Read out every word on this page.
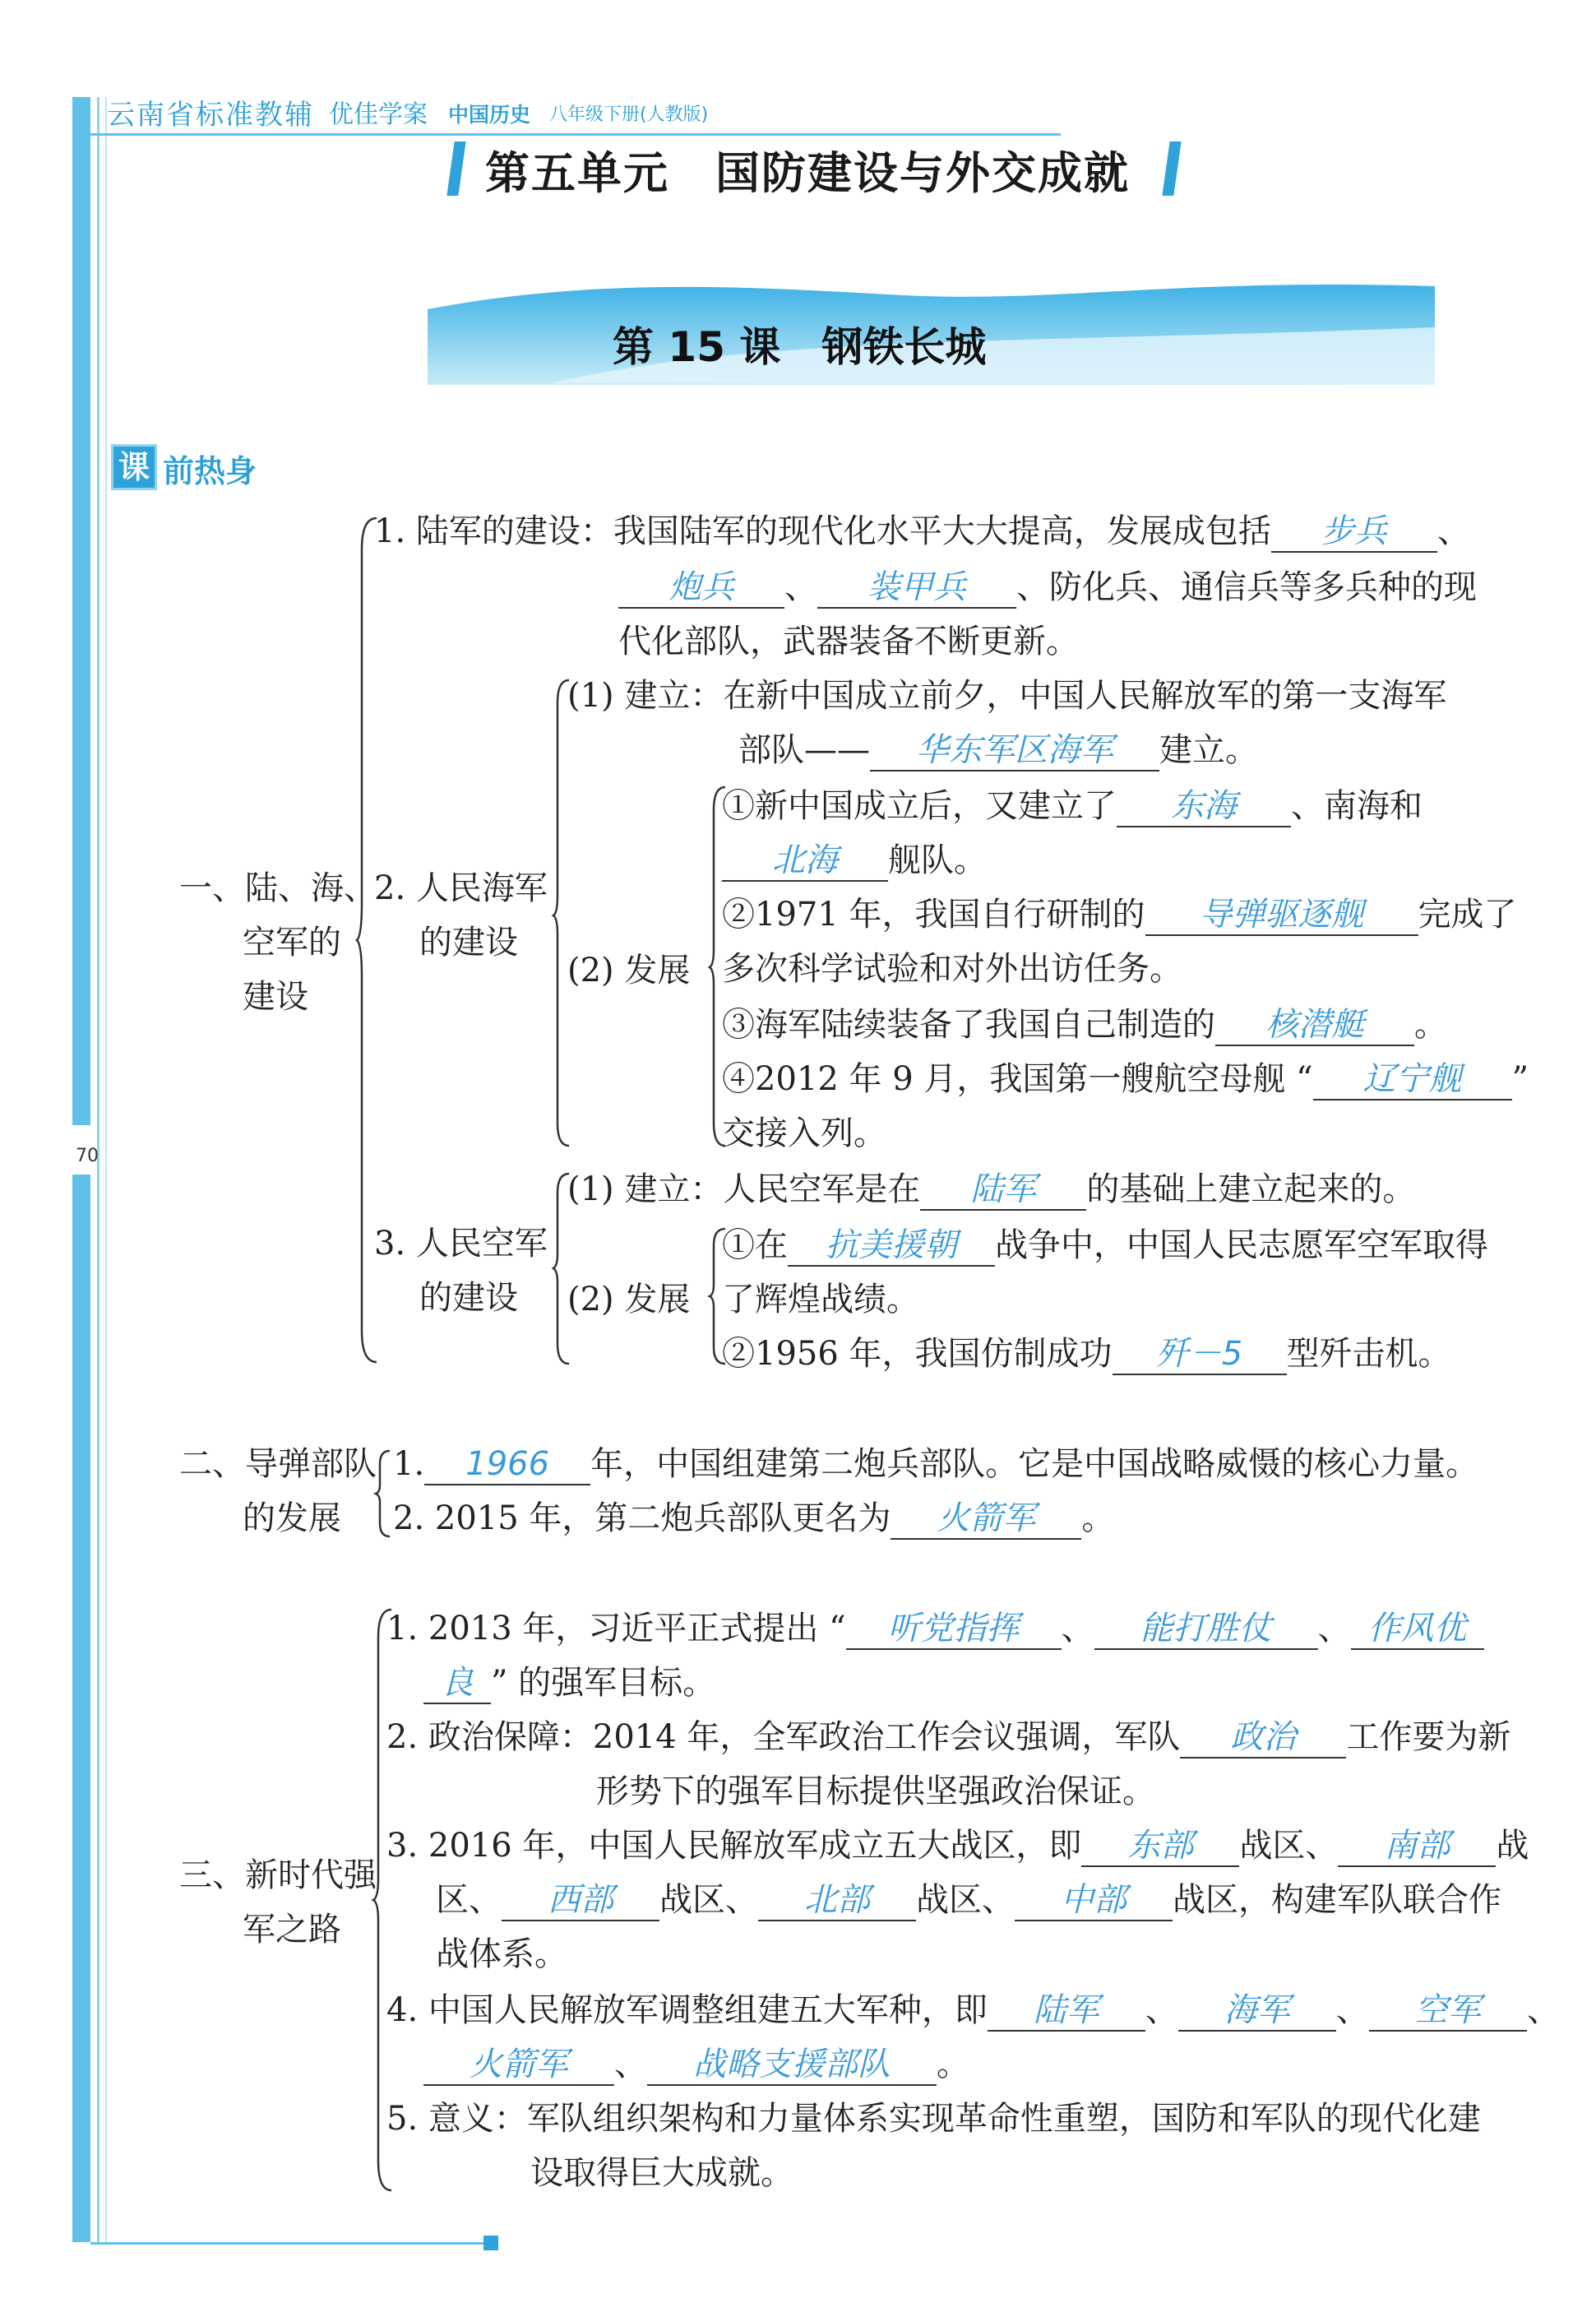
云南省标准教辅 优佳学案 中国历史 八年级下册(人教版)
70
第五单元　国防建设与外交成就
第 15 课　钢铁长城
课 前热身
一、陆、海、
空军的
建设
1. 陆军的建设：我国陆军的现代化水平大大提高，发展成包括 步兵 、
炮兵 、 装甲兵 、防化兵、通信兵等多兵种的现
代化部队，武器装备不断更新。
2. 人民海军
的建设
(1) 建立：在新中国成立前夕，中国人民解放军的第一支海军
部队—— 华东军区海军 建立。
(2) 发展
①新中国成立后，又建立了 东海 、南海和
北海 舰队。
②1971 年，我国自行研制的 导弹驱逐舰 完成了
多次科学试验和对外出访任务。
③海军陆续装备了我国自己制造的 核潜艇 。
④2012 年 9 月，我国第一艘航空母舰 “ 辽宁舰 ”
交接入列。
3. 人民空军
的建设
(1) 建立：人民空军是在 陆军 的基础上建立起来的。
(2) 发展
①在 抗美援朝 战争中，中国人民志愿军空军取得
了辉煌战绩。
②1956 年，我国仿制成功 歼－5 型歼击机。
二、导弹部队
的发展
1. 1966 年，中国组建第二炮兵部队。它是中国战略威慑的核心力量。
2. 2015 年，第二炮兵部队更名为 火箭军 。
三、新时代强
军之路
1. 2013 年，习近平正式提出 “ 听党指挥 、 能打胜仗 、 作风优
良 ” 的强军目标。
2. 政治保障：2014 年，全军政治工作会议强调，军队 政治 工作要为新
形势下的强军目标提供坚强政治保证。
3. 2016 年，中国人民解放军成立五大战区，即 东部 战区、 南部 战
区、 西部 战区、 北部 战区、 中部 战区，构建军队联合作
战体系。
4. 中国人民解放军调整组建五大军种，即 陆军 、 海军 、 空军 、
火箭军 、 战略支援部队 。
5. 意义：军队组织架构和力量体系实现革命性重塑，国防和军队的现代化建
设取得巨大成就。
